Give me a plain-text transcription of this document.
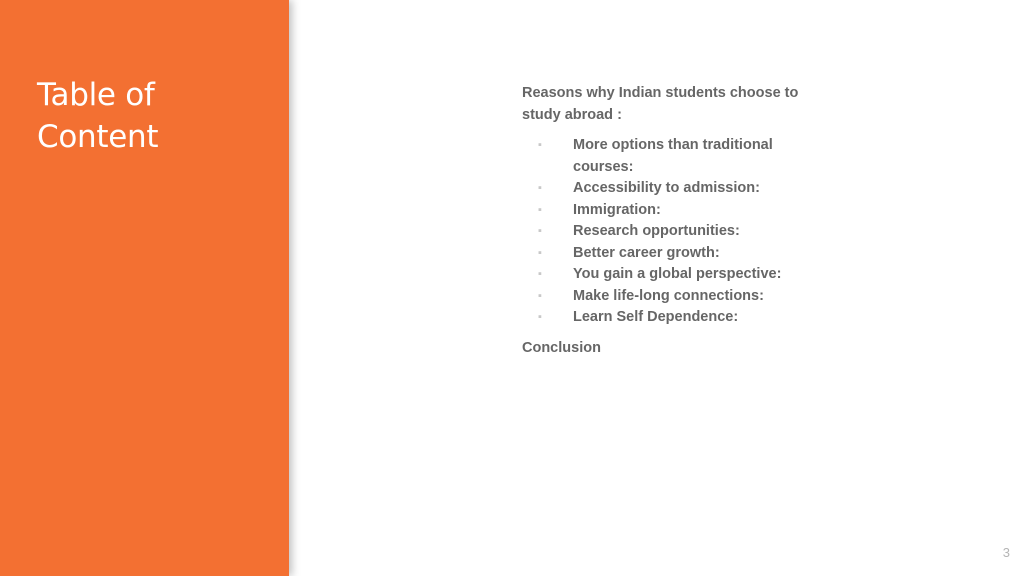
Table of Content

Reasons why Indian students choose to study abroad :

▪ More options than traditional courses:
▪ Accessibility to admission:
▪ Immigration:
▪ Research opportunities:
▪ Better career growth:
▪ You gain a global perspective:
▪ Make life-long connections:
▪ Learn Self Dependence:

Conclusion

3
